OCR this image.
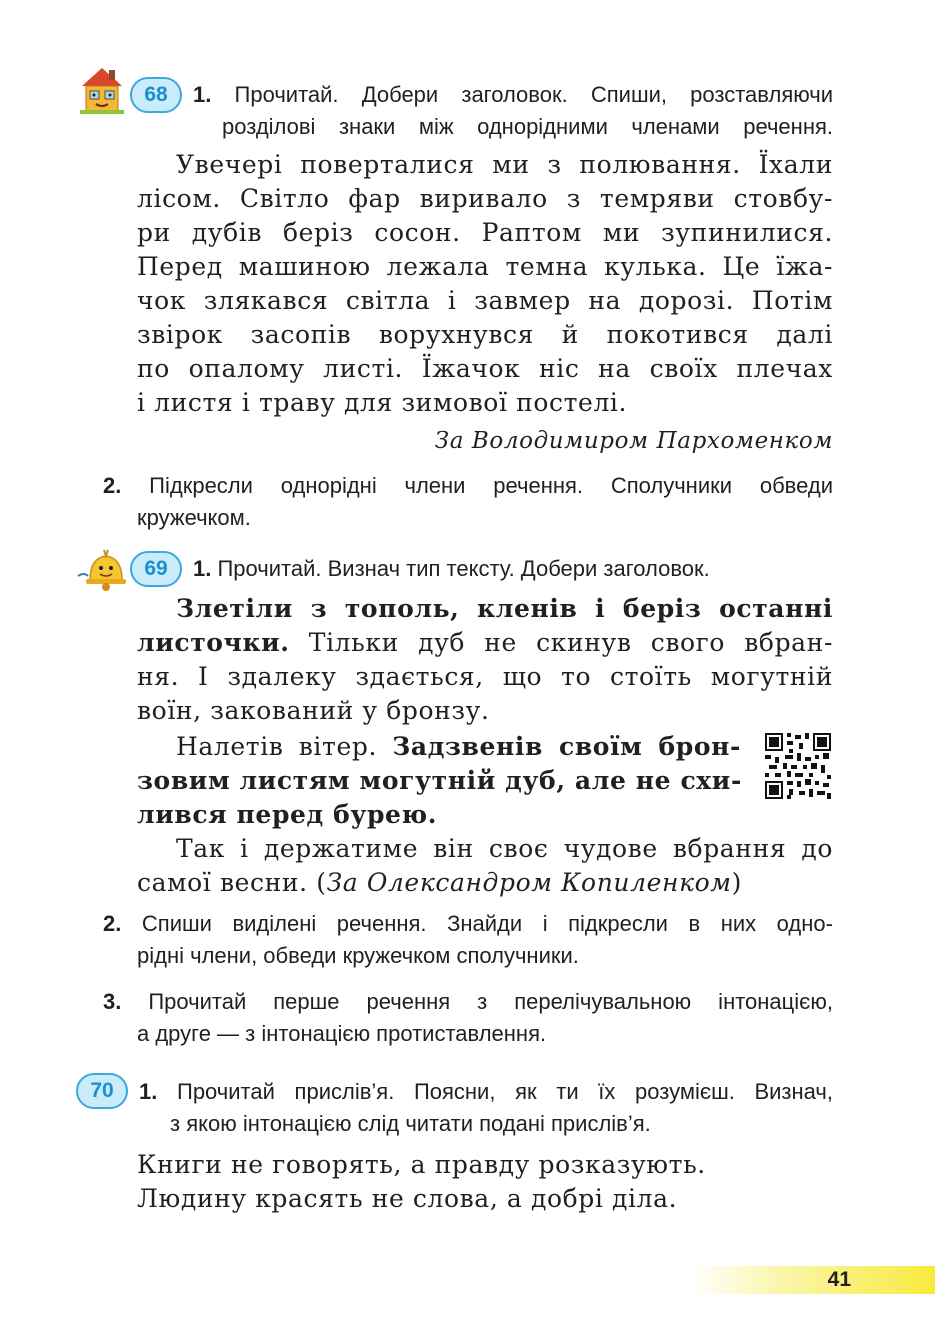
68	1. Прочитай. Добери заголовок. Спиши, розставляючи
розділові знаки між однорідними членами речення.
Увечері поверталися ми з полювання. Їхали
лісом. Світло фар виривало з темряви стовбу-
ри дубів беріз сосон. Раптом ми зупинилися.
Перед машиною лежала темна кулька. Це їжа-
чок злякався світла і завмер на дорозі. Потім
звірок засопів ворухнувся й покотився далі
по опалому листі. Їжачок ніс на своїх плечах
і листя і траву для зимової постелі.
За Володимиром Пархоменком
2. Підкресли однорідні члени речення. Сполучники обведи
кружечком.
69	1. Прочитай. Визнач тип тексту. Добери заголовок.
Злетіли з тополь, кленів і беріз останні
листочки. Тільки дуб не скинув свого вбран-
ня. І здалеку здається, що то стоїть могутній
воїн, закований у бронзу.
Налетів вітер. Задзвенів своїм брон-
зовим листям могутній дуб, але не схи-
лився перед бурею.
Так і держатиме він своє чудове вбрання до
самої весни. (За Олександром Копиленком)
2. Спиши виділені речення. Знайди і підкресли в них одно-
рідні члени, обведи кружечком сполучники.
3. Прочитай перше речення з перелічувальною інтонацією,
а друге — з інтонацією протиставлення.
70	1. Прочитай прислів’я. Поясни, як ти їх розумієш. Визнач,
з якою інтонацією слід читати подані прислів’я.
Книги не говорять, а правду розказують.
Людину красять не слова, а добрі діла.
41
